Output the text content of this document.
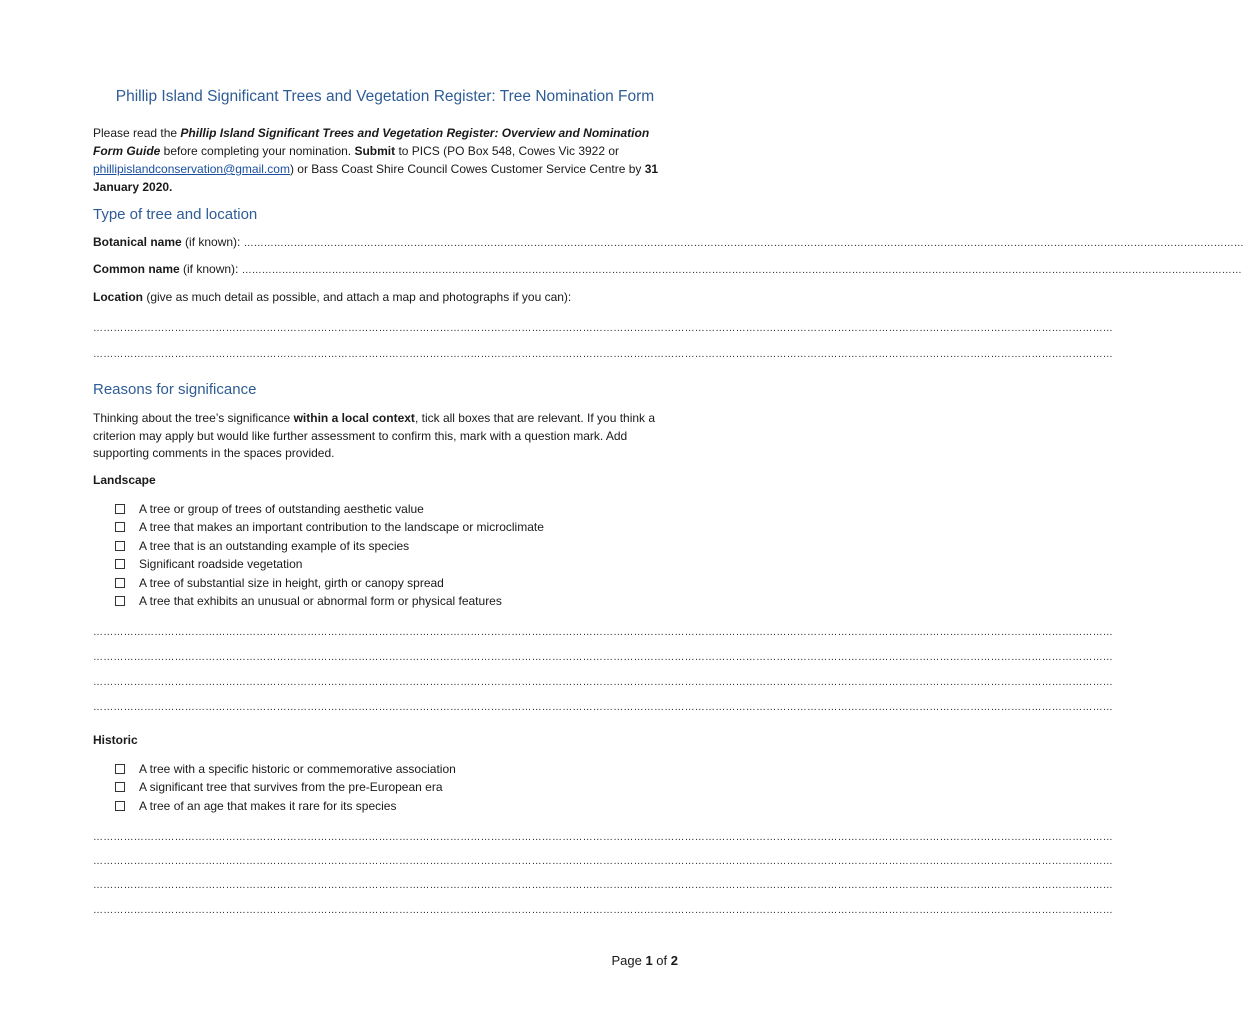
Phillip Island Significant Trees and Vegetation Register: Tree Nomination Form
Please read the Phillip Island Significant Trees and Vegetation Register: Overview and Nomination Form Guide before completing your nomination. Submit to PICS (PO Box 548, Cowes Vic 3922 or phillipislandconservation@gmail.com) or Bass Coast Shire Council Cowes Customer Service Centre by 31 January 2020.
Type of tree and location
Botanical name (if known): …………………………………………………………………………………………………………………………………………………………………………………………………………………………………………………………………………
Common name (if known): …………………………………………………………………………………………………………………………………………………………………………………………………………………………………………………………………………
Location (give as much detail as possible, and attach a map and photographs if you can):
…………………………………………………………………………………………………………………………………………………………………………………………………………………………………………………………………………
…………………………………………………………………………………………………………………………………………………………………………………………………………………………………………………………………………
Reasons for significance
Thinking about the tree’s significance within a local context, tick all boxes that are relevant. If you think a criterion may apply but would like further assessment to confirm this, mark with a question mark. Add supporting comments in the spaces provided.
Landscape
A tree or group of trees of outstanding aesthetic value
A tree that makes an important contribution to the landscape or microclimate
A tree that is an outstanding example of its species
Significant roadside vegetation
A tree of substantial size in height, girth or canopy spread
A tree that exhibits an unusual or abnormal form or physical features
…………………………………………………………………………………………………………………………………………………………………………………………………………………………………………………………………………
…………………………………………………………………………………………………………………………………………………………………………………………………………………………………………………………………………
…………………………………………………………………………………………………………………………………………………………………………………………………………………………………………………………………………
…………………………………………………………………………………………………………………………………………………………………………………………………………………………………………………………………………
Historic
A tree with a specific historic or commemorative association
A significant tree that survives from the pre-European era
A tree of an age that makes it rare for its species
…………………………………………………………………………………………………………………………………………………………………………………………………………………………………………………………………………
…………………………………………………………………………………………………………………………………………………………………………………………………………………………………………………………………………
…………………………………………………………………………………………………………………………………………………………………………………………………………………………………………………………………………
…………………………………………………………………………………………………………………………………………………………………………………………………………………………………………………………………………
Page 1 of 2
